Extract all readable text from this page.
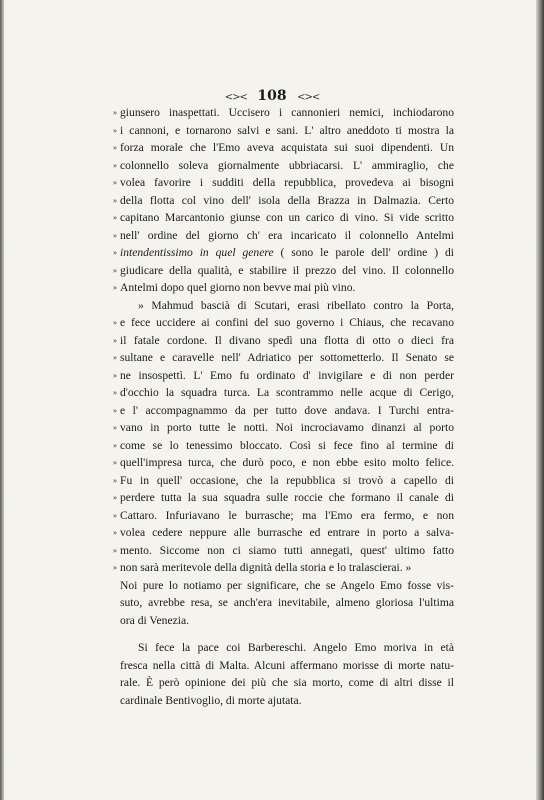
<>< 108 <><
» giunsero inaspettati. Uccisero i cannonieri nemici, inchiodarono
» i cannoni, e tornarono salvi e sani. L' altro aneddoto ti mostra la
» forza morale che l'Emo aveva acquistata sui suoi dipendenti. Un
» colonnello soleva giornalmente ubbriacarsi. L' ammiraglio, che
» volea favorire i sudditi della repubblica, provedeva ai bisogni
» della flotta col vino dell' isola della Brazza in Dalmazia. Certo
» capitano Marcantonio giunse con un carico di vino. Si vide scritto
» nell' ordine del giorno ch' era incaricato il colonnello Antelmi
» intendentissimo in quel genere ( sono le parole dell' ordine ) di
» giudicare della qualità, e stabilire il prezzo del vino. Il colonnello
» Antelmi dopo quel giorno non bevve mai più vino.
» Mahmud bascià di Scutari, erasi ribellato contro la Porta,
» e fece uccidere ai confini del suo governo i Chiaus, che recavano
» il fatale cordone. Il divano spedì una flotta di otto o dieci fra
» sultane e caravelle nell' Adriatico per sottometterlo. Il Senato se
» ne insospettì. L' Emo fu ordinato d' invigilare e di non perder
» d'occhio la squadra turca. La scontrammo nelle acque di Cerigo,
» e l' accompagnammo da per tutto dove andava. I Turchi entra-
» vano in porto tutte le notti. Noi incrociavamo dinanzi al porto
» come se lo tenessimo bloccato. Così si fece fino al termine di
» quell'impresa turca, che durò poco, e non ebbe esito molto felice.
» Fu in quell' occasione, che la repubblica si trovò a capello di
» perdere tutta la sua squadra sulle roccie che formano il canale di
» Cattaro. Infuriavano le burrasche; ma l'Emo era fermo, e non
» volea cedere neppure alle burrasche ed entrare in porto a salva-
» mento. Siccome non ci siamo tutti annegati, quest' ultimo fatto
» non sarà meritevole della dignità della storia e lo tralascierai. »
Noi pure lo notiamo per significare, che se Angelo Emo fosse vis-
suto, avrebbe resa, se anch'era inevitabile, almeno gloriosa l'ultima
ora di Venezia.
Si fece la pace coi Barbereschi. Angelo Emo moriva in età
fresca nella città di Malta. Alcuni affermano morisse di morte natu-
rale. È però opinione dei più che sia morto, come di altri disse il
cardinale Bentivoglio, di morte ajutata.
